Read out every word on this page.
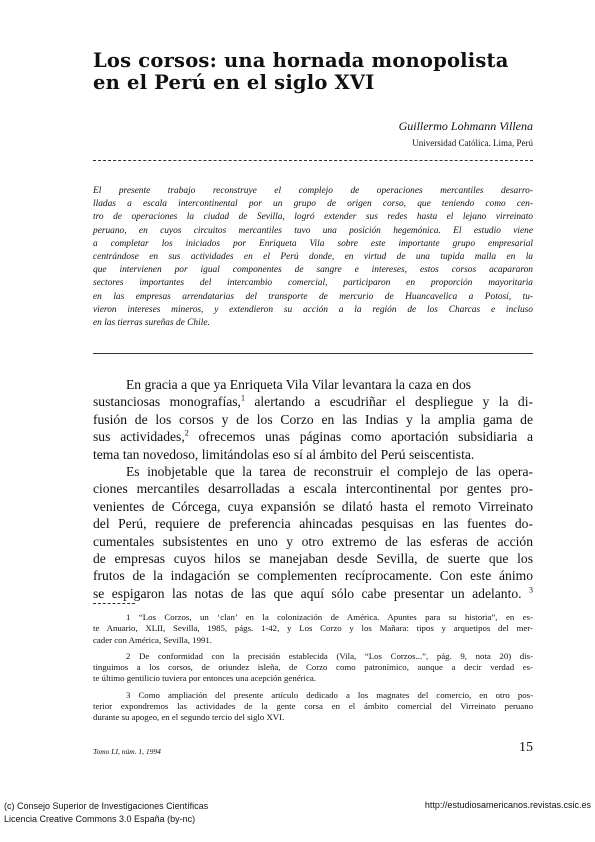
Los corsos: una hornada monopolista
en el Perú en el siglo XVI
Guillermo Lohmann Villena
Universidad Católica. Lima, Perú
El presente trabajo reconstruye el complejo de operaciones mercantiles desarro-
lladas a escala intercontinental por un grupo de origen corso, que teniendo como cen-
tro de operaciones la ciudad de Sevilla, logró extender sus redes hasta el lejano virreinato
peruano, en cuyos circuitos mercantiles tuvo una posición hegemónica. El estudio viene
a completar los iniciados por Enriqueta Vila sobre este importante grupo empresarial
centrándose en sus actividades en el Perú donde, en virtud de una tupida malla en la
que intervienen por igual componentes de sangre e intereses, estos corsos acapararon
sectores importantes del intercambio comercial, participaron en proporción mayoritaria
en las empresas arrendatarias del transporte de mercurio de Huancavelica a Potosí, tu-
vieron intereses mineros, y extendieron su acción a la región de los Charcas e incluso
en las tierras sureñas de Chile.
En gracia a que ya Enriqueta Vila Vilar levantara la caza en dos
sustanciosas monografías,$^1$ alertando a escudriñar el despliegue y la di-
fusión de los corsos y de los Corzo en las Indias y la amplia gama de
sus actividades,$^2$ ofrecemos unas páginas como aportación subsidiaria a
tema tan novedoso, limitándolas eso sí al ámbito del Perú seiscentista.
Es inobjetable que la tarea de reconstruir el complejo de las opera-
ciones mercantiles desarrolladas a escala intercontinental por gentes pro-
venientes de Córcega, cuya expansión se dilató hasta el remoto Virreinato
del Perú, requiere de preferencia ahincadas pesquisas en las fuentes do-
cumentales subsistentes en uno y otro extremo de las esferas de acción
de empresas cuyos hilos se manejaban desde Sevilla, de suerte que los
frutos de la indagación se complementen recíprocamente. Con este ánimo
se espigaron las notas de las que aquí sólo cabe presentar un adelanto. $^3$
1 “Los Corzos, un ‘clan’ en la colonización de América. Apuntes para su historia”, en es-
te Anuario, XLII, Sevilla, 1985, págs. 1-42, y Los Corzo y los Mañara: tipos y arquetipos del mer-
cader con América, Sevilla, 1991.
2 De conformidad con la precisión establecida (Vila, “Los Corzos...”, pág. 9, nota 20) dis-
tinguimos a los corsos, de oriundez isleña, de Corzo como patronímico, aunque a decir verdad es-
te último gentilicio tuviera por entonces una acepción genérica.
3 Como ampliación del presente artículo dedicado a los magnates del comercio, en otro pos-
terior expondremos las actividades de la gente corsa en el ámbito comercial del Virreinato peruano
durante su apogeo, en el segundo tercio del siglo XVI.
Tomo LI, núm. 1, 1994	15
(c) Consejo Superior de Investigaciones Científicas
Licencia Creative Commons 3.0 España (by-nc)
http://estudiosamericanos.revistas.csic.es
